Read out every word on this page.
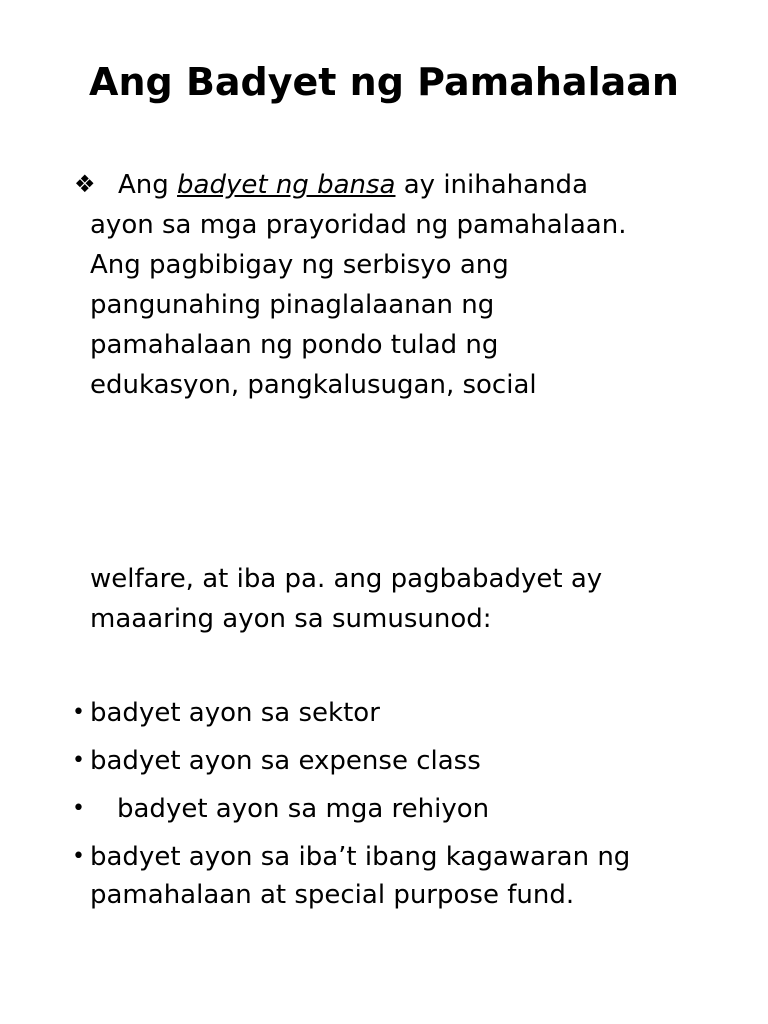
Ang Badyet ng Pamahalaan
❖ Ang badyet ng bansa ay inihahanda
ayon sa mga prayoridad ng pamahalaan.
Ang pagbibigay ng serbisyo ang
pangunahing pinaglalaanan ng
pamahalaan ng pondo tulad ng
edukasyon, pangkalusugan, social

welfare, at iba pa. ang pagbabadyet ay
maaaring ayon sa sumusunod:

• badyet ayon sa sektor
• badyet ayon sa expense class
• badyet ayon sa mga rehiyon
• badyet ayon sa iba’t ibang kagawaran ng
pamahalaan at special purpose fund.
